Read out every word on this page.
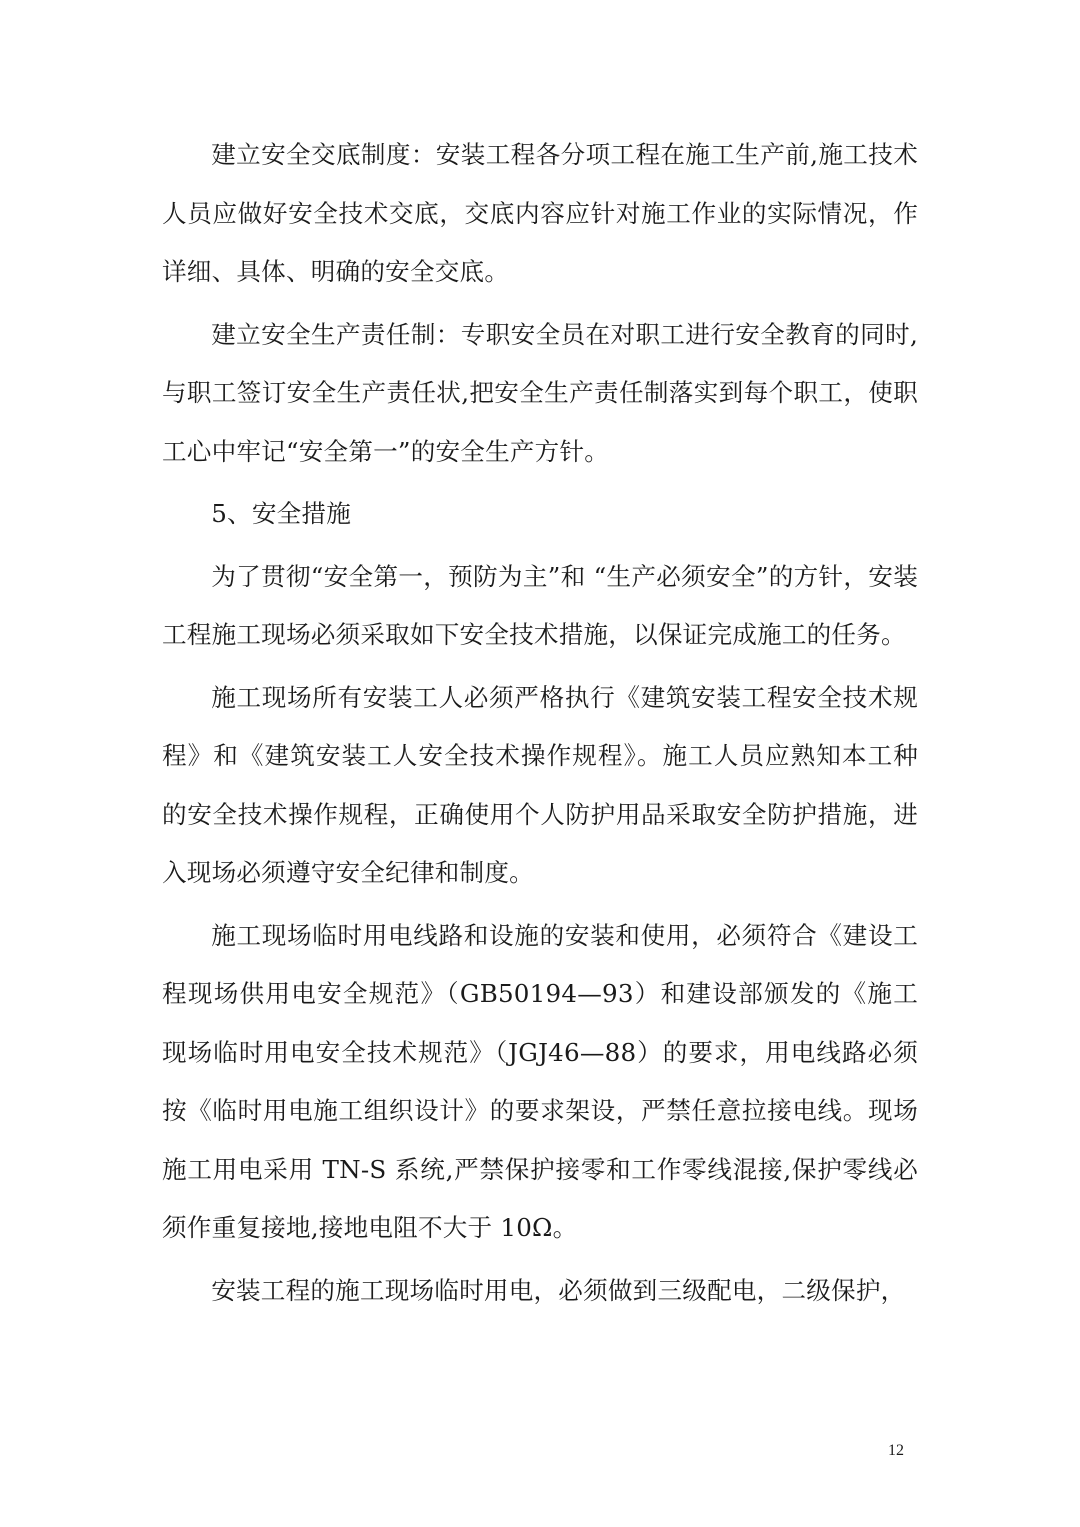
建立安全交底制度：安装工程各分项工程在施工生产前,施工技术人员应做好安全技术交底，交底内容应针对施工作业的实际情况，作详细、具体、明确的安全交底。

建立安全生产责任制：专职安全员在对职工进行安全教育的同时,与职工签订安全生产责任状,把安全生产责任制落实到每个职工，使职工心中牢记“安全第一”的安全生产方针。

5、安全措施

为了贯彻“安全第一，预防为主”和 “生产必须安全”的方针，安装工程施工现场必须采取如下安全技术措施，以保证完成施工的任务。

施工现场所有安装工人必须严格执行《建筑安装工程安全技术规程》和《建筑安装工人安全技术操作规程》。施工人员应熟知本工种的安全技术操作规程，正确使用个人防护用品采取安全防护措施，进入现场必须遵守安全纪律和制度。

施工现场临时用电线路和设施的安装和使用，必须符合《建设工程现场供用电安全规范》（GB50194—93）和建设部颁发的《施工现场临时用电安全技术规范》（JGJ46—88）的要求，用电线路必须按《临时用电施工组织设计》的要求架设，严禁任意拉接电线。现场施工用电采用 TN-S 系统,严禁保护接零和工作零线混接,保护零线必须作重复接地,接地电阻不大于 10Ω。

安装工程的施工现场临时用电，必须做到三级配电，二级保护，

12
